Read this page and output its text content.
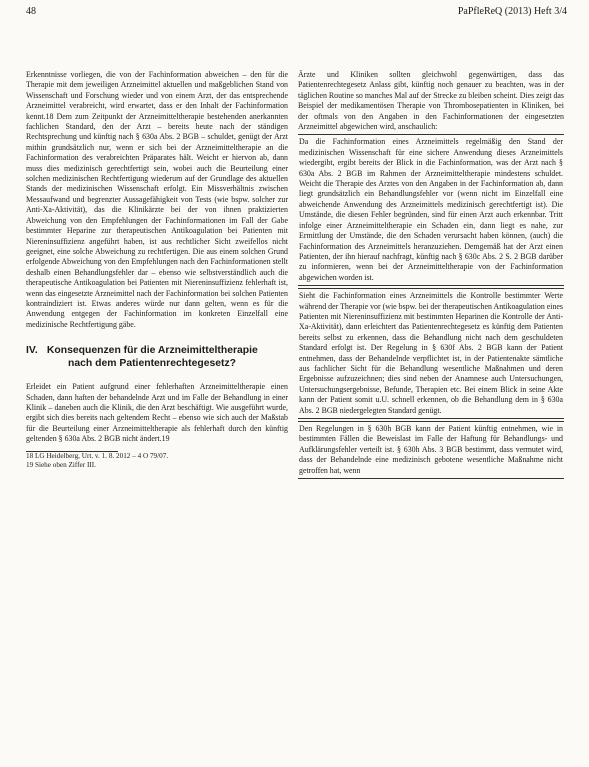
48	PaPfleReQ (2013) Heft 3/4

Erkenntnisse vorliegen, die von der Fachinformation abweichen – den für die Therapie mit dem jeweiligen Arzneimittel aktuellen und maßgeblichen Stand von Wissenschaft und Forschung wieder und von einem Arzt, der das entsprechende Arzneimittel verabreicht, wird erwartet, dass er den Inhalt der Fachinformation kennt.18 Dem zum Zeitpunkt der Arzneimitteltherapie bestehenden anerkannten fachlichen Standard, den der Arzt – bereits heute nach der ständigen Rechtsprechung und künftig nach § 630a Abs. 2 BGB – schuldet, genügt der Arzt mithin grundsätzlich nur, wenn er sich bei der Arzneimitteltherapie an die Fachinformation des verabreichten Präparates hält. Weicht er hiervon ab, dann muss dies medizinisch gerechtfertigt sein, wobei auch die Beurteilung einer solchen medizinischen Rechtfertigung wiederum auf der Grundlage des aktuellen Stands der medizinischen Wissenschaft erfolgt. Ein Missverhältnis zwischen Messaufwand und begrenzter Aussagefähigkeit von Tests (wie bspw. solcher zur Anti-Xa-Aktivität), das die Klinikärzte bei der von ihnen praktizierten Abweichung von den Empfehlungen der Fachinformationen im Fall der Gabe bestimmter Heparine zur therapeutischen Antikoagulation bei Patienten mit Niereninsuffizienz angeführt haben, ist aus rechtlicher Sicht zweifellos nicht geeignet, eine solche Abweichung zu rechtfertigen. Die aus einem solchen Grund erfolgende Abweichung von den Empfehlungen nach den Fachinformationen stellt deshalb einen Behandlungsfehler dar – ebenso wie selbstverständlich auch die therapeutische Antikoagulation bei Patienten mit Niereninsuffizienz fehlerhaft ist, wenn das eingesetzte Arzneimittel nach der Fachinformation bei solchen Patienten kontraindiziert ist. Etwas anderes würde nur dann gelten, wenn es für die Anwendung entgegen der Fachinformation im konkreten Einzelfall eine medizinische Rechtfertigung gäbe.

IV. Konsequenzen für die Arzneimitteltherapie
nach dem Patientenrechtegesetz?

Erleidet ein Patient aufgrund einer fehlerhaften Arzneimitteltherapie einen Schaden, dann haften der behandelnde Arzt und im Falle der Behandlung in einer Klinik – daneben auch die Klinik, die den Arzt beschäftigt. Wie ausgeführt wurde, ergibt sich dies bereits nach geltendem Recht – ebenso wie sich auch der Maßstab für die Beurteilung einer Arzneimitteltherapie als fehlerhaft durch den künftig geltenden § 630a Abs. 2 BGB nicht ändert.19

18 LG Heidelberg, Urt. v. 1. 8. 2012 – 4 O 79/07.
19 Siehe oben Ziffer III.

Ärzte und Kliniken sollten gleichwohl gegenwärtigen, dass das Patientenrechtegesetz Anlass gibt, künftig noch genauer zu beachten, was in der täglichen Routine so manches Mal auf der Strecke zu bleiben scheint. Dies zeigt das Beispiel der medikamentösen Therapie von Thrombosepatienten in Kliniken, bei der oftmals von den Angaben in den Fachinformationen der eingesetzten Arzneimittel abgewichen wird, anschaulich:

Da die Fachinformation eines Arzneimittels regelmäßig den Stand der medizinischen Wissenschaft für eine sichere Anwendung dieses Arzneimittels wiedergibt, ergibt bereits der Blick in die Fachinformation, was der Arzt nach § 630a Abs. 2 BGB im Rahmen der Arzneimitteltherapie mindestens schuldet. Weicht die Therapie des Arztes von den Angaben in der Fachinformation ab, dann liegt grundsätzlich ein Behandlungsfehler vor (wenn nicht im Einzelfall eine abweichende Anwendung des Arzneimittels medizinisch gerechtfertigt ist). Die Umstände, die diesen Fehler begründen, sind für einen Arzt auch erkennbar. Tritt infolge einer Arzneimitteltherapie ein Schaden ein, dann liegt es nahe, zur Ermittlung der Umstände, die den Schaden verursacht haben können, (auch) die Fachinformation des Arzneimittels heranzuziehen. Demgemäß hat der Arzt einen Patienten, der ihn hierauf nachfragt, künftig nach § 630c Abs. 2 S. 2 BGB darüber zu informieren, wenn bei der Arzneimitteltherapie von der Fachinformation abgewichen worden ist.
Sieht die Fachinformation eines Arzneimittels die Kontrolle bestimmter Werte während der Therapie vor (wie bspw. bei der therapeutischen Antikoagulation eines Patienten mit Niereninsuffizienz mit bestimmten Heparinen die Kontrolle der Anti-Xa-Aktivität), dann erleichtert das Patientenrechtegesetz es künftig dem Patienten bereits selbst zu erkennen, dass die Behandlung nicht nach dem geschuldeten Standard erfolgt ist. Der Regelung in § 630f Abs. 2 BGB kann der Patient entnehmen, dass der Behandelnde verpflichtet ist, in der Patientenakte sämtliche aus fachlicher Sicht für die Behandlung wesentliche Maßnahmen und deren Ergebnisse aufzuzeichnen; dies sind neben der Anamnese auch Untersuchungen, Untersuchungsergebnisse, Befunde, Therapien etc. Bei einem Blick in seine Akte kann der Patient somit u.U. schnell erkennen, ob die Behandlung dem in § 630a Abs. 2 BGB niedergelegten Standard genügt.
Den Regelungen in § 630h BGB kann der Patient künftig entnehmen, wie in bestimmten Fällen die Beweislast im Falle der Haftung für Behandlungs- und Aufklärungsfehler verteilt ist. § 630h Abs. 3 BGB bestimmt, dass vermutet wird, dass der Behandelnde eine medizinisch gebotene wesentliche Maßnahme nicht getroffen hat, wenn
